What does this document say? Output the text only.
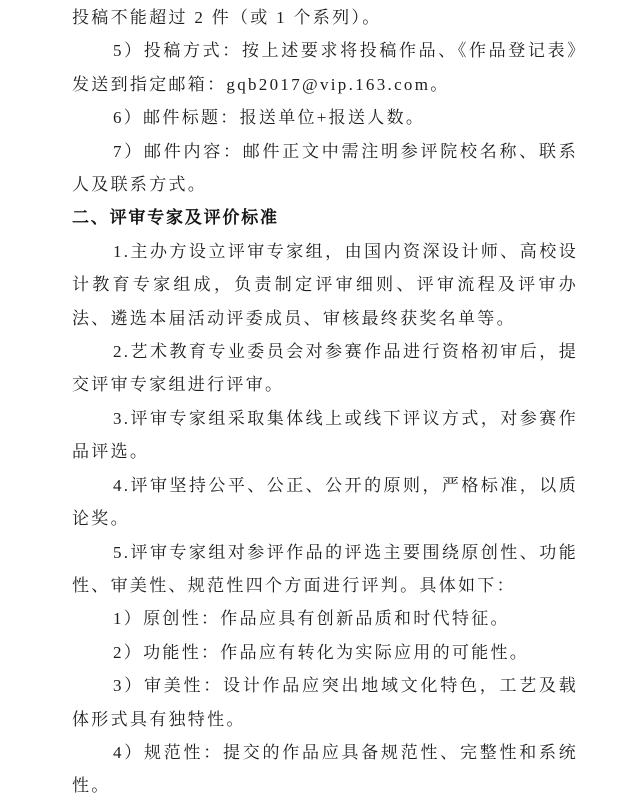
投稿不能超过 2 件（或 1 个系列）。

5）投稿方式：按上述要求将投稿作品、《作品登记表》发送到指定邮箱：gqb2017@vip.163.com。

6）邮件标题：报送单位+报送人数。

7）邮件内容：邮件正文中需注明参评院校名称、联系人及联系方式。

二、评审专家及评价标准

1.主办方设立评审专家组，由国内资深设计师、高校设计教育专家组成，负责制定评审细则、评审流程及评审办法、遴选本届活动评委成员、审核最终获奖名单等。

2.艺术教育专业委员会对参赛作品进行资格初审后，提交评审专家组进行评审。

3.评审专家组采取集体线上或线下评议方式，对参赛作品评选。

4.评审坚持公平、公正、公开的原则，严格标准，以质论奖。

5.评审专家组对参评作品的评选主要围绕原创性、功能性、审美性、规范性四个方面进行评判。具体如下：

1）原创性：作品应具有创新品质和时代特征。

2）功能性：作品应有转化为实际应用的可能性。

3）审美性：设计作品应突出地域文化特色，工艺及载体形式具有独特性。

4）规范性：提交的作品应具备规范性、完整性和系统性。
